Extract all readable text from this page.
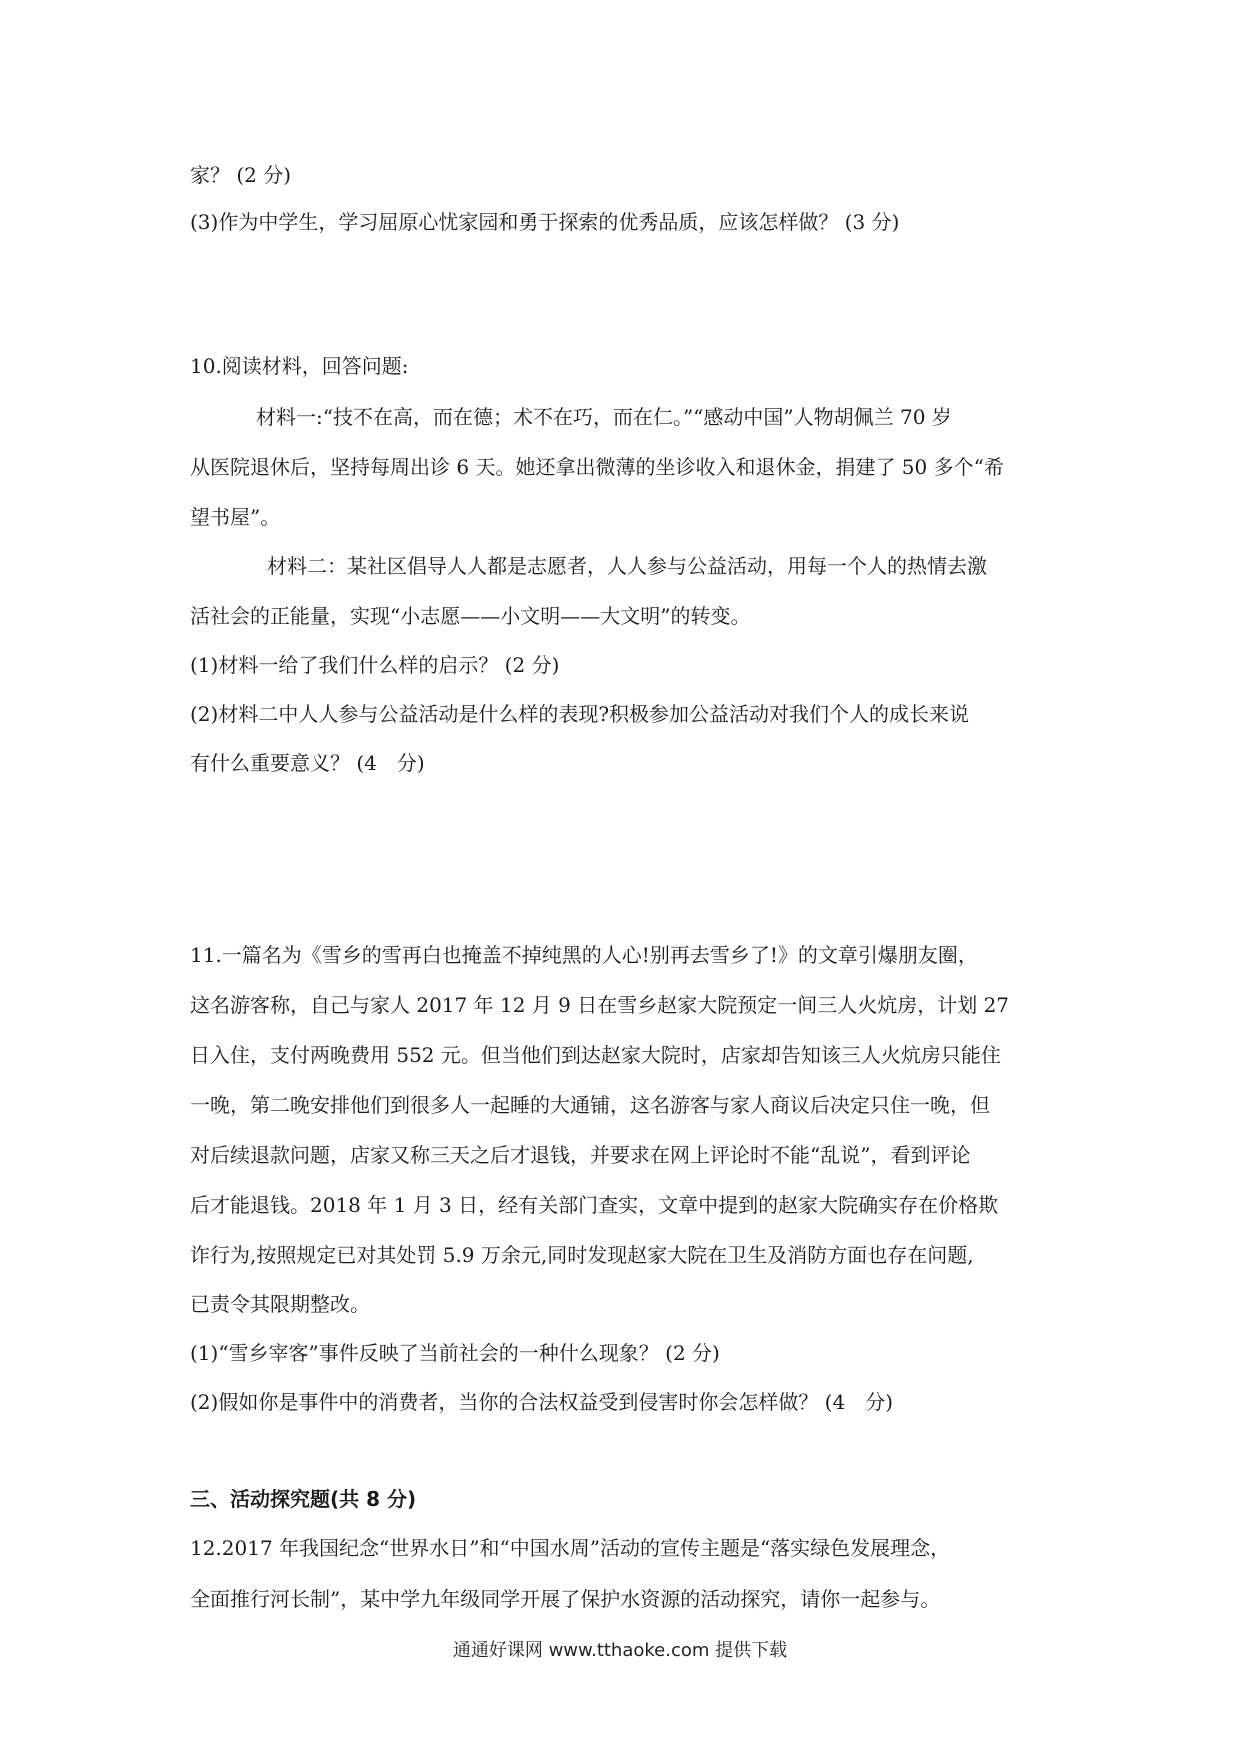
家？ (2 分)
(3)作为中学生，学习屈原心忧家园和勇于探索的优秀品质，应该怎样做？ (3 分)
10.阅读材料，回答问题:
材料一:“技不在高，而在德；术不在巧，而在仁。”“感动中国”人物胡佩兰 70 岁
从医院退休后，坚持每周出诊 6 天。她还拿出微薄的坐诊收入和退休金，捐建了 50 多个“希
望书屋”。
材料二：某社区倡导人人都是志愿者，人人参与公益活动，用每一个人的热情去激
活社会的正能量，实现“小志愿——小文明——大文明”的转变。
(1)材料一给了我们什么样的启示？ (2 分)
(2)材料二中人人参与公益活动是什么样的表现?积极参加公益活动对我们个人的成长来说
有什么重要意义？ (4　分)
11.一篇名为《雪乡的雪再白也掩盖不掉纯黑的人心!别再去雪乡了!》的文章引爆朋友圈，
这名游客称，自己与家人 2017 年 12 月 9 日在雪乡赵家大院预定一间三人火炕房，计划 27
日入住，支付两晚费用 552 元。但当他们到达赵家大院时，店家却告知该三人火炕房只能住
一晚，第二晚安排他们到很多人一起睡的大通铺，这名游客与家人商议后决定只住一晚，但
对后续退款问题，店家又称三天之后才退钱，并要求在网上评论时不能“乱说”，看到评论
后才能退钱。2018 年 1 月 3 日，经有关部门查实，文章中提到的赵家大院确实存在价格欺
诈行为,按照规定已对其处罚 5.9 万余元,同时发现赵家大院在卫生及消防方面也存在问题,
已责令其限期整改。
(1)“雪乡宰客”事件反映了当前社会的一种什么现象？ (2 分)
(2)假如你是事件中的消费者，当你的合法权益受到侵害时你会怎样做？ (4　分)
三、活动探究题(共 8 分)
12.2017 年我国纪念“世界水日”和“中国水周”活动的宣传主题是“落实绿色发展理念，
全面推行河长制”，某中学九年级同学开展了保护水资源的活动探究，请你一起参与。
通通好课网 www.tthaoke.com 提供下载
